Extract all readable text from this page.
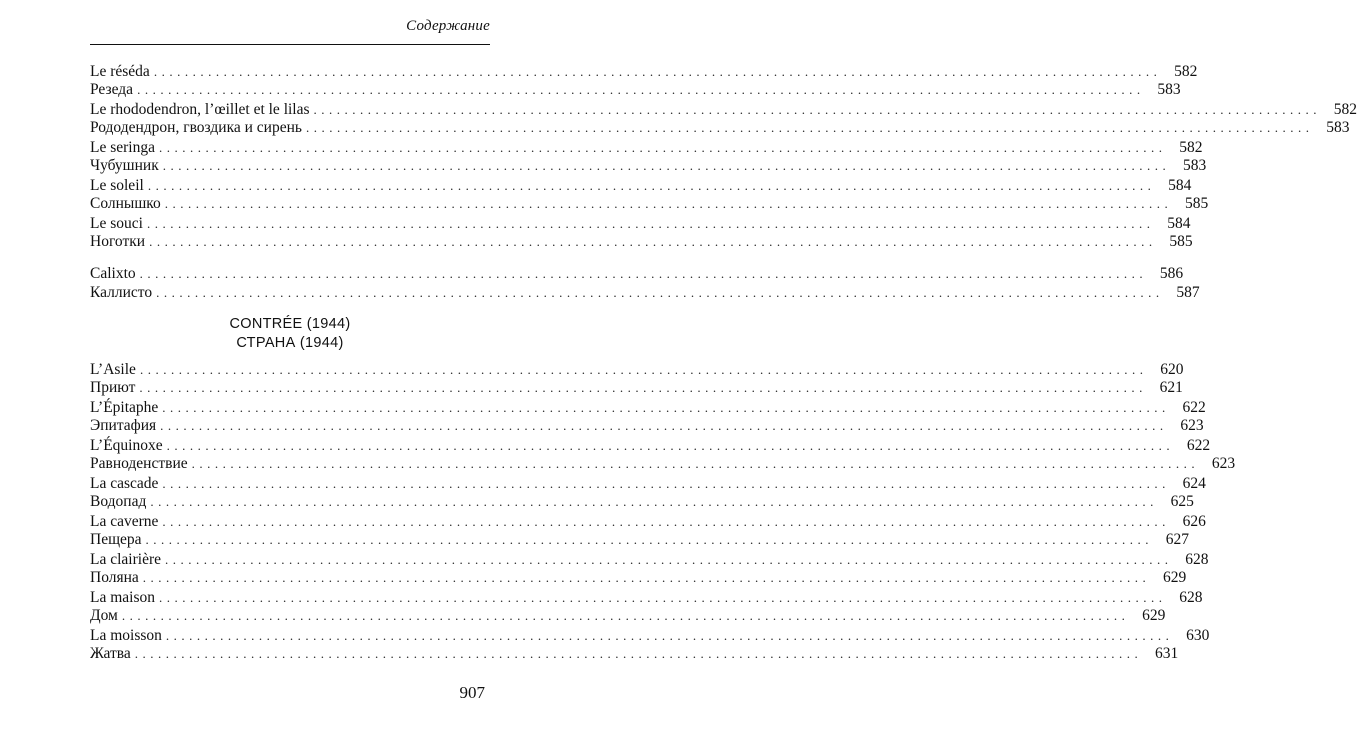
Содержание
Le réséda .................................................................................................................................. 582
Резеда .................................................................................................................................. 583
Le rhododendron, l’œillet et le lilas .................................................................................................................................. 582
Рододендрон, гвоздика и сирень .................................................................................................................................. 583
Le seringa .................................................................................................................................. 582
Чубушник .................................................................................................................................. 583
Le soleil .................................................................................................................................. 584
Солнышко .................................................................................................................................. 585
Le souci .................................................................................................................................. 584
Ноготки .................................................................................................................................. 585
Calixto .................................................................................................................................. 586
Каллисто .................................................................................................................................. 587
CONTRÉE (1944)
СТРАНА (1944)
L’Asile .................................................................................................................................. 620
Приют .................................................................................................................................. 621
L’Épitaphe .................................................................................................................................. 622
Эпитафия .................................................................................................................................. 623
L’Équinoxe .................................................................................................................................. 622
Равноденствие .................................................................................................................................. 623
La cascade .................................................................................................................................. 624
Водопад .................................................................................................................................. 625
La caverne .................................................................................................................................. 626
Пещера .................................................................................................................................. 627
La clairière .................................................................................................................................. 628
Поляна .................................................................................................................................. 629
La maison .................................................................................................................................. 628
Дом .................................................................................................................................. 629
La moisson .................................................................................................................................. 630
Жатва .................................................................................................................................. 631
907
